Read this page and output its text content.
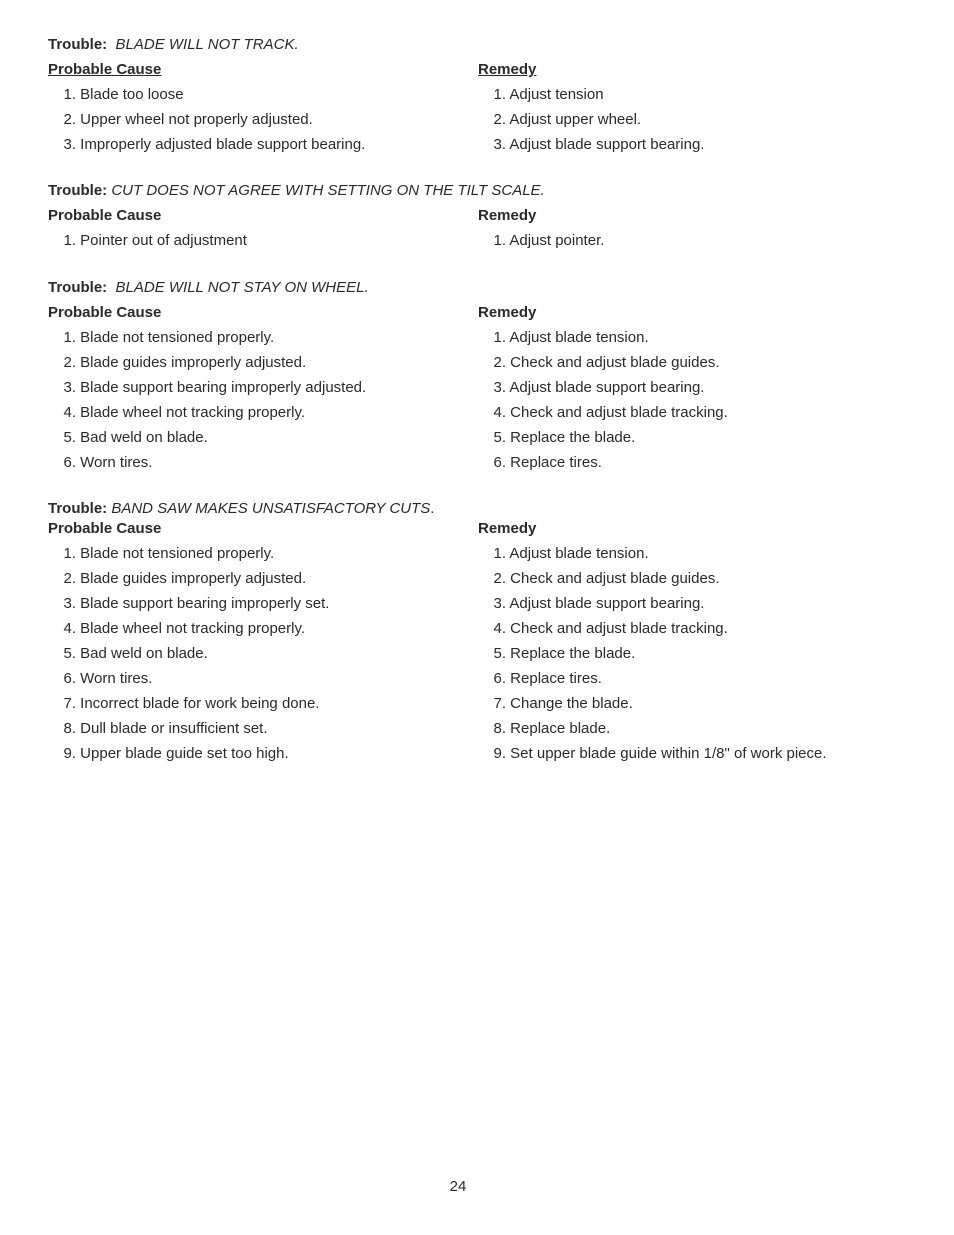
Trouble: BLADE WILL NOT TRACK.
Probable Cause	Remedy
1. Blade too loose	1. Adjust tension
2. Upper wheel not properly adjusted.	2. Adjust upper wheel.
3. Improperly adjusted blade support bearing.	3. Adjust blade support bearing.
Trouble: CUT DOES NOT AGREE WITH SETTING ON THE TILT SCALE.
Probable Cause	Remedy
1. Pointer out of adjustment	1. Adjust pointer.
Trouble: BLADE WILL NOT STAY ON WHEEL.
Probable Cause	Remedy
1. Blade not tensioned properly.	1. Adjust blade tension.
2. Blade guides improperly adjusted.	2. Check and adjust blade guides.
3. Blade support bearing improperly adjusted.	3. Adjust blade support bearing.
4. Blade wheel not tracking properly.	4. Check and adjust blade tracking.
5. Bad weld on blade.	5. Replace the blade.
6. Worn tires.	6. Replace tires.
Trouble: BAND SAW MAKES UNSATISFACTORY CUTS.
Probable Cause	Remedy
1. Blade not tensioned properly.	1. Adjust blade tension.
2. Blade guides improperly adjusted.	2. Check and adjust blade guides.
3. Blade support bearing improperly set.	3. Adjust blade support bearing.
4. Blade wheel not tracking properly.	4. Check and adjust blade tracking.
5. Bad weld on blade.	5. Replace the blade.
6. Worn tires.	6. Replace tires.
7. Incorrect blade for work being done.	7. Change the blade.
8. Dull blade or insufficient set.	8. Replace blade.
9. Upper blade guide set too high.	9. Set upper blade guide within 1/8" of work piece.
24
